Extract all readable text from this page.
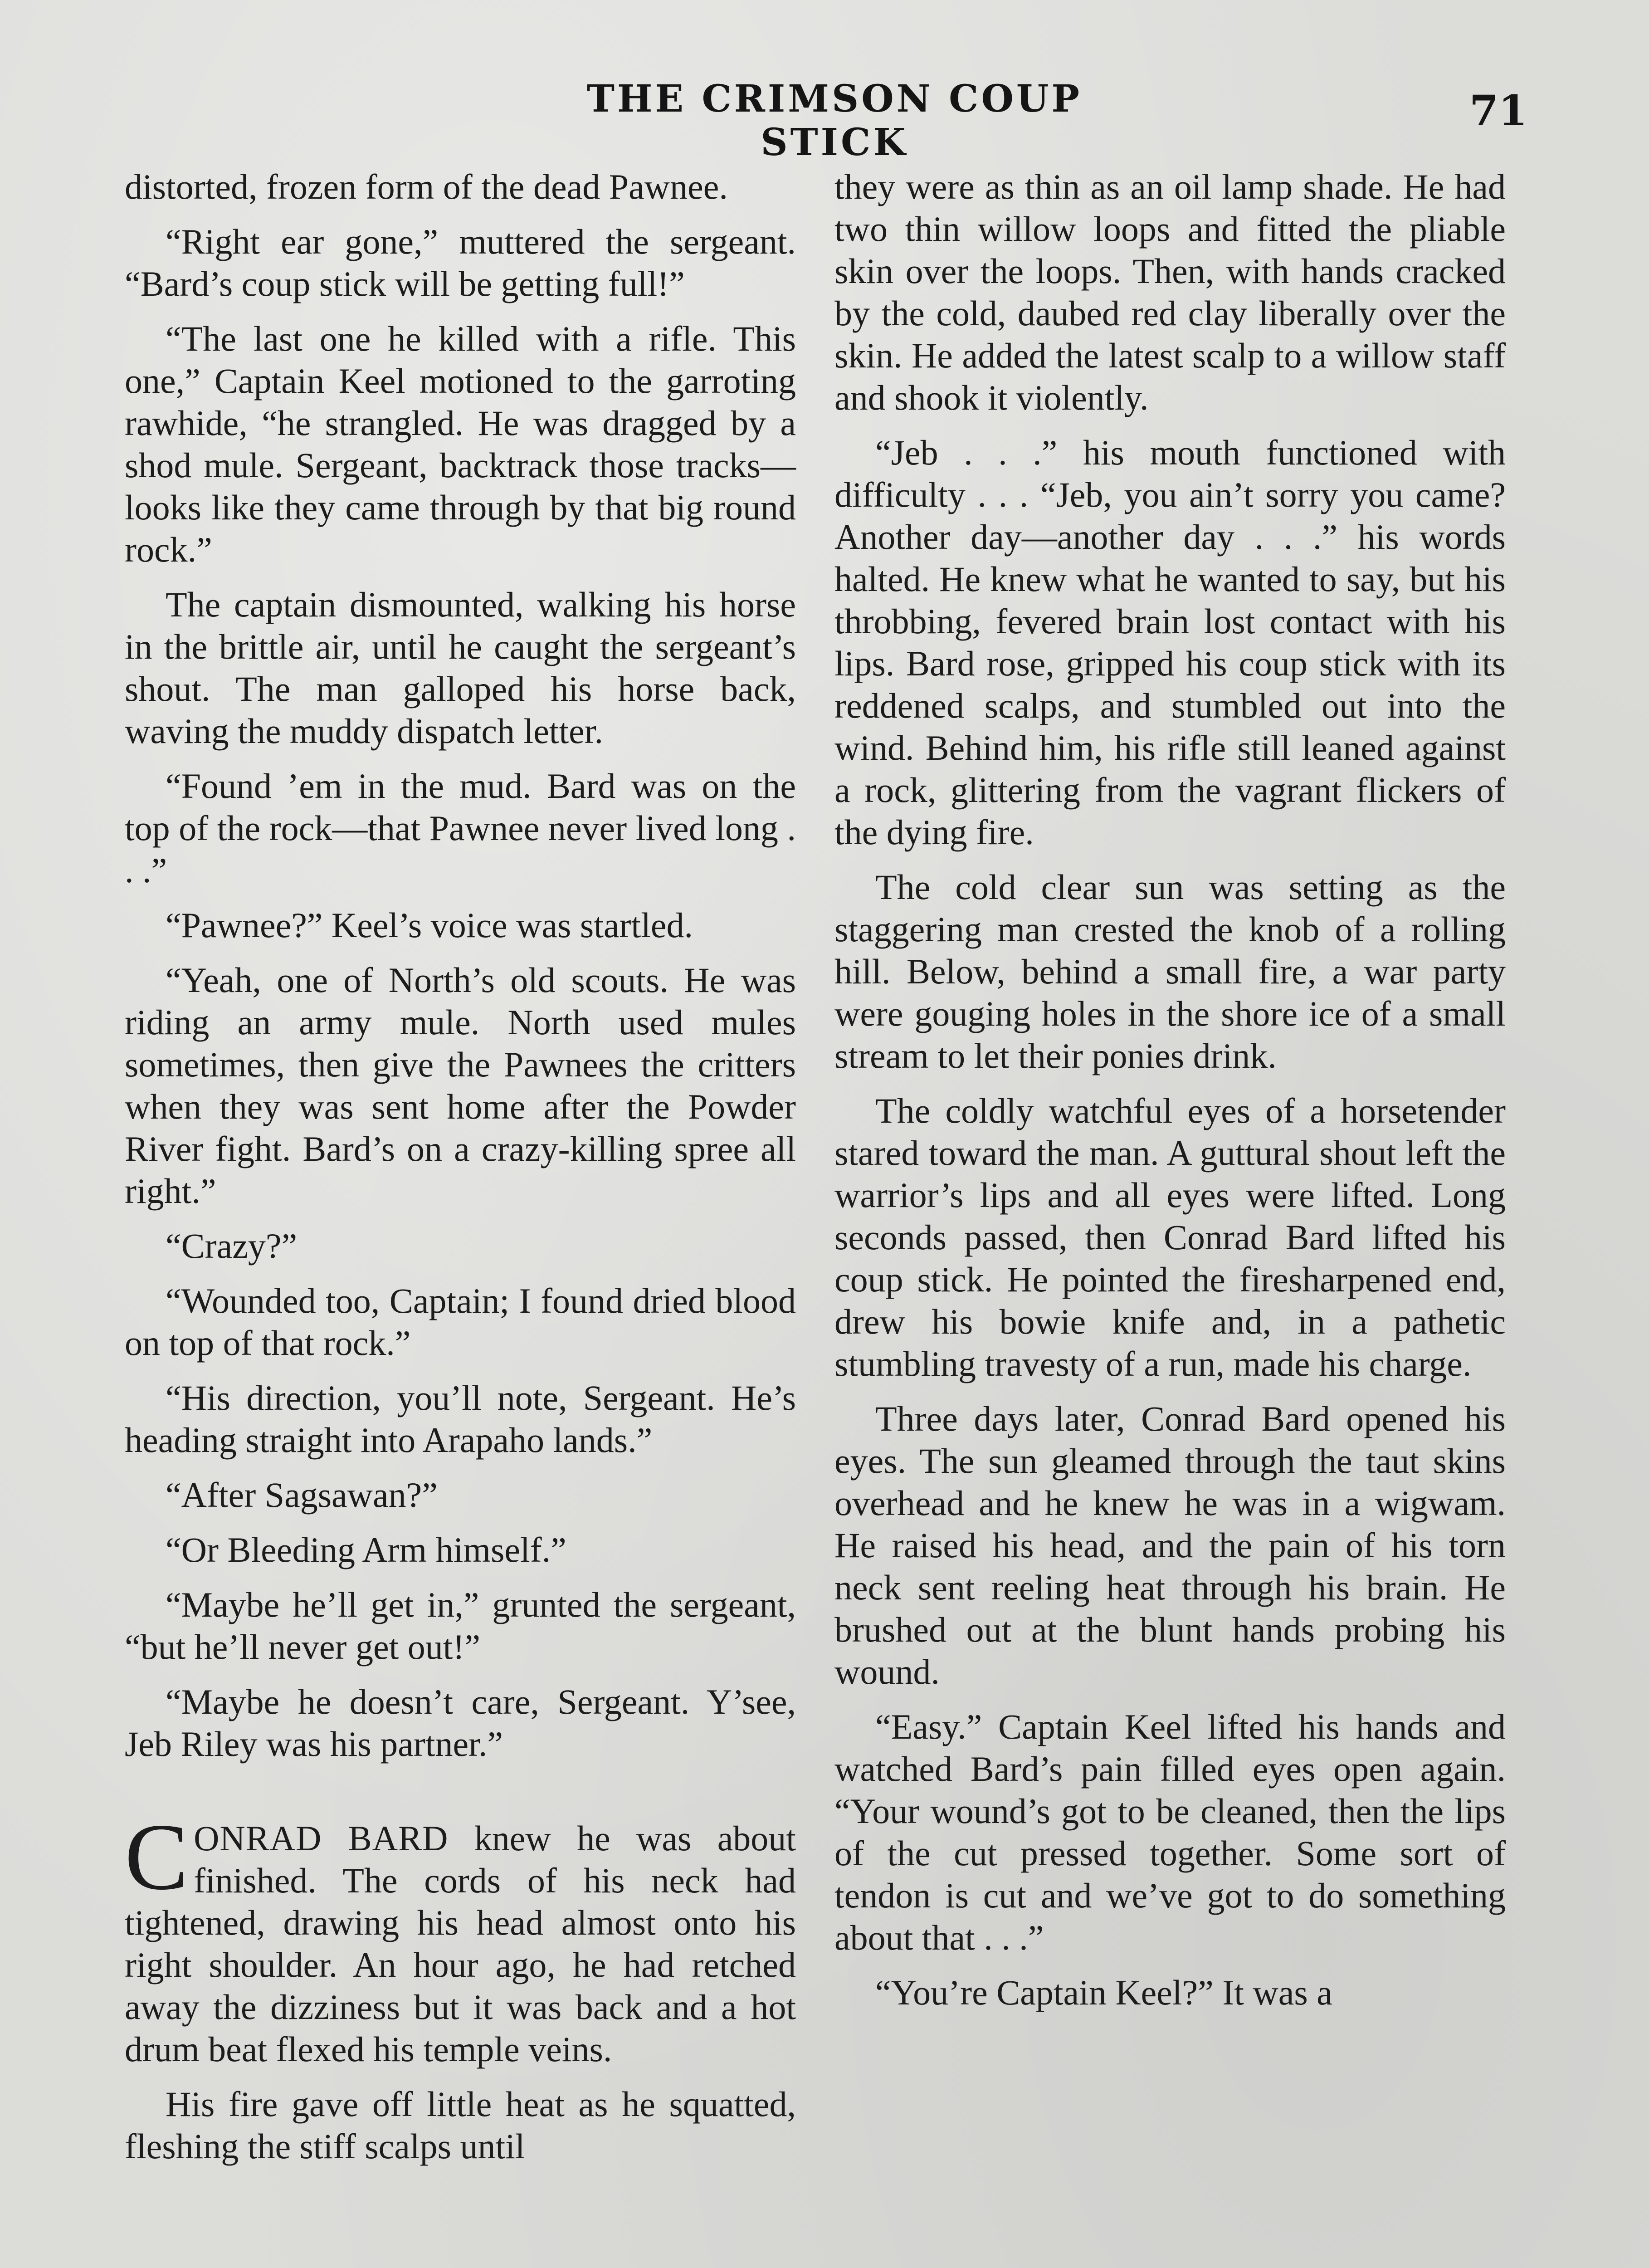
THE CRIMSON COUP STICK
71

distorted, frozen form of the dead Pawnee.

“Right ear gone,” muttered the sergeant. “Bard’s coup stick will be getting full!”

“The last one he killed with a rifle. This one,” Captain Keel motioned to the garroting rawhide, “he strangled. He was dragged by a shod mule. Sergeant, backtrack those tracks—looks like they came through by that big round rock.”

The captain dismounted, walking his horse in the brittle air, until he caught the sergeant’s shout. The man galloped his horse back, waving the muddy dispatch letter.

“Found ’em in the mud. Bard was on the top of the rock—that Pawnee never lived long . . .”

“Pawnee?” Keel’s voice was startled.

“Yeah, one of North’s old scouts. He was riding an army mule. North used mules sometimes, then give the Pawnees the critters when they was sent home after the Powder River fight. Bard’s on a crazy-killing spree all right.”

“Crazy?”

“Wounded too, Captain; I found dried blood on top of that rock.”

“His direction, you’ll note, Sergeant. He’s heading straight into Arapaho lands.”

“After Sagsawan?”

“Or Bleeding Arm himself.”

“Maybe he’ll get in,” grunted the sergeant, “but he’ll never get out!”

“Maybe he doesn’t care, Sergeant. Y’see, Jeb Riley was his partner.”

CONRAD BARD knew he was about finished. The cords of his neck had tightened, drawing his head almost onto his right shoulder. An hour ago, he had retched away the dizziness but it was back and a hot drum beat flexed his temple veins.

His fire gave off little heat as he squatted, fleshing the stiff scalps until

they were as thin as an oil lamp shade. He had two thin willow loops and fitted the pliable skin over the loops. Then, with hands cracked by the cold, daubed red clay liberally over the skin. He added the latest scalp to a willow staff and shook it violently.

“Jeb . . .” his mouth functioned with difficulty . . . “Jeb, you ain’t sorry you came? Another day—another day . . .” his words halted. He knew what he wanted to say, but his throbbing, fevered brain lost contact with his lips. Bard rose, gripped his coup stick with its reddened scalps, and stumbled out into the wind. Behind him, his rifle still leaned against a rock, glittering from the vagrant flickers of the dying fire.

The cold clear sun was setting as the staggering man crested the knob of a rolling hill. Below, behind a small fire, a war party were gouging holes in the shore ice of a small stream to let their ponies drink.

The coldly watchful eyes of a horsetender stared toward the man. A guttural shout left the warrior’s lips and all eyes were lifted. Long seconds passed, then Conrad Bard lifted his coup stick. He pointed the firesharpened end, drew his bowie knife and, in a pathetic stumbling travesty of a run, made his charge.

Three days later, Conrad Bard opened his eyes. The sun gleamed through the taut skins overhead and he knew he was in a wigwam. He raised his head, and the pain of his torn neck sent reeling heat through his brain. He brushed out at the blunt hands probing his wound.

“Easy.” Captain Keel lifted his hands and watched Bard’s pain filled eyes open again. “Your wound’s got to be cleaned, then the lips of the cut pressed together. Some sort of tendon is cut and we’ve got to do something about that . . .”

“You’re Captain Keel?” It was a
